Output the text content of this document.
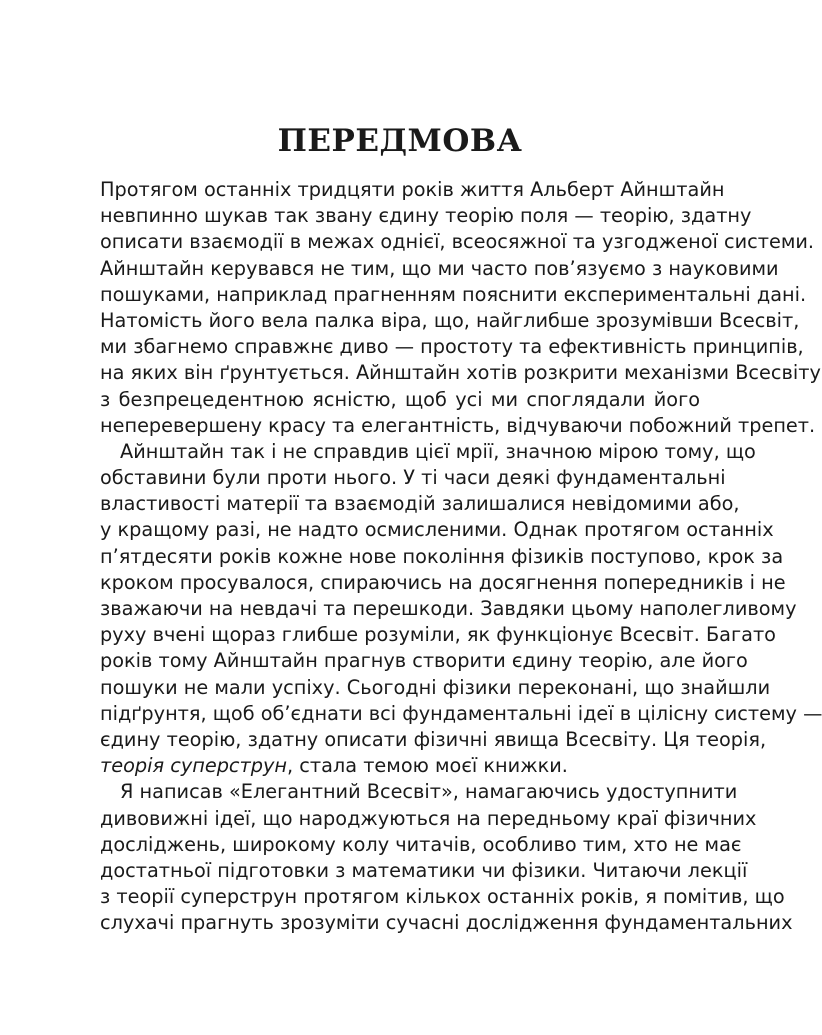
ПЕРЕДМОВА
Протягом останніх тридцяти років життя Альберт Айнштайн
невпинно шукав так звану єдину теорію поля — теорію, здатну
описати взаємодії в межах однієї, всеосяжної та узгодженої системи.
Айнштайн керувався не тим, що ми часто пов’язуємо з науковими
пошуками, наприклад прагненням пояснити експериментальні дані.
Натомість його вела палка віра, що, найглибше зрозумівши Всесвіт,
ми збагнемо справжнє диво — простоту та ефективність принципів,
на яких він ґрунтується. Айнштайн хотів розкрити механізми Всесвіту
з безпрецедентною ясністю, щоб усі ми споглядали його
неперевершену красу та елегантність, відчуваючи побожний трепет.
Айнштайн так і не справдив цієї мрії, значною мірою тому, що
обставини були проти нього. У ті часи деякі фундаментальні
властивості матерії та взаємодій залишалися невідомими або,
у кращому разі, не надто осмисленими. Однак протягом останніх
п’ятдесяти років кожне нове покоління фізиків поступово, крок за
кроком просувалося, спираючись на досягнення попередників і не
зважаючи на невдачі та перешкоди. Завдяки цьому наполегливому
руху вчені щораз глибше розуміли, як функціонує Всесвіт. Багато
років тому Айнштайн прагнув створити єдину теорію, але його
пошуки не мали успіху. Сьогодні фізики переконані, що знайшли
підґрунтя, щоб об’єднати всі фундаментальні ідеї в цілісну систему —
єдину теорію, здатну описати фізичні явища Всесвіту. Ця теорія,
теорія суперструн, стала темою моєї книжки.
Я написав «Елегантний Всесвіт», намагаючись удоступнити
дивовижні ідеї, що народжуються на передньому краї фізичних
досліджень, широкому колу читачів, особливо тим, хто не має
достатньої підготовки з математики чи фізики. Читаючи лекції
з теорії суперструн протягом кількох останніх років, я помітив, що
слухачі прагнуть зрозуміти сучасні дослідження фундаментальних
